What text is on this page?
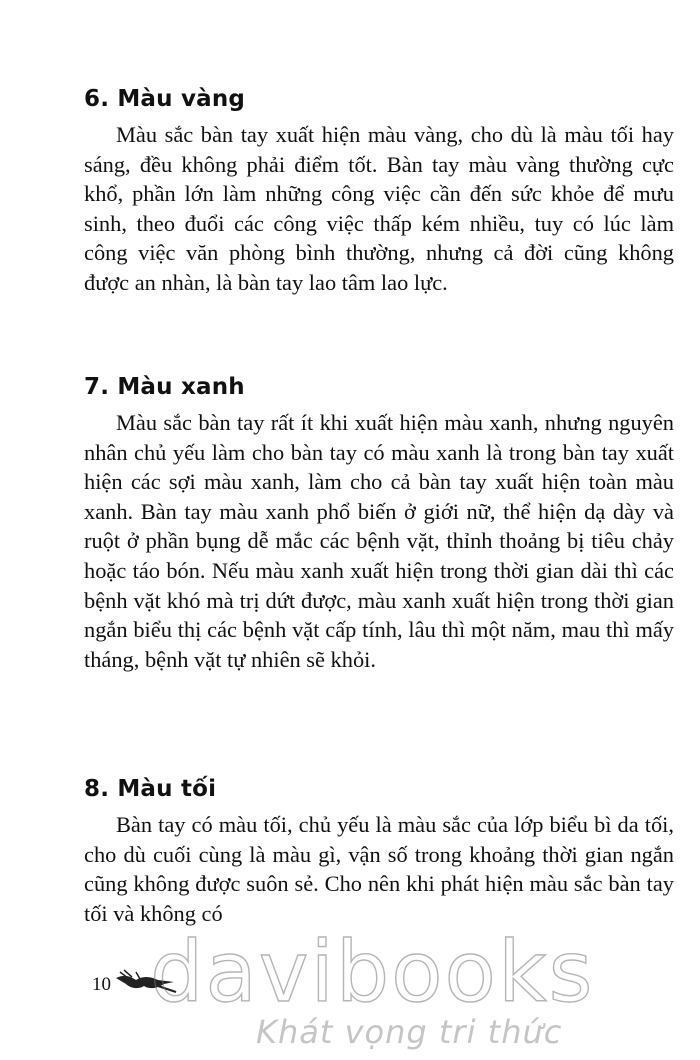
6. Màu vàng

Màu sắc bàn tay xuất hiện màu vàng, cho dù là màu tối hay sáng, đều không phải điểm tốt. Bàn tay màu vàng thường cực khổ, phần lớn làm những công việc cần đến sức khỏe để mưu sinh, theo đuổi các công việc thấp kém nhiều, tuy có lúc làm công việc văn phòng bình thường, nhưng cả đời cũng không được an nhàn, là bàn tay lao tâm lao lực.

7. Màu xanh

Màu sắc bàn tay rất ít khi xuất hiện màu xanh, nhưng nguyên nhân chủ yếu làm cho bàn tay có màu xanh là trong bàn tay xuất hiện các sợi màu xanh, làm cho cả bàn tay xuất hiện toàn màu xanh. Bàn tay màu xanh phổ biến ở giới nữ, thể hiện dạ dày và ruột ở phần bụng dễ mắc các bệnh vặt, thỉnh thoảng bị tiêu chảy hoặc táo bón. Nếu màu xanh xuất hiện trong thời gian dài thì các bệnh vặt khó mà trị dứt được, màu xanh xuất hiện trong thời gian ngắn biểu thị các bệnh vặt cấp tính, lâu thì một năm, mau thì mấy tháng, bệnh vặt tự nhiên sẽ khỏi.

8. Màu tối

Bàn tay có màu tối, chủ yếu là màu sắc của lớp biểu bì da tối, cho dù cuối cùng là màu gì, vận số trong khoảng thời gian ngắn cũng không được suôn sẻ. Cho nên khi phát hiện màu sắc bàn tay tối và không có

10 davibooks
Khát vọng tri thức
